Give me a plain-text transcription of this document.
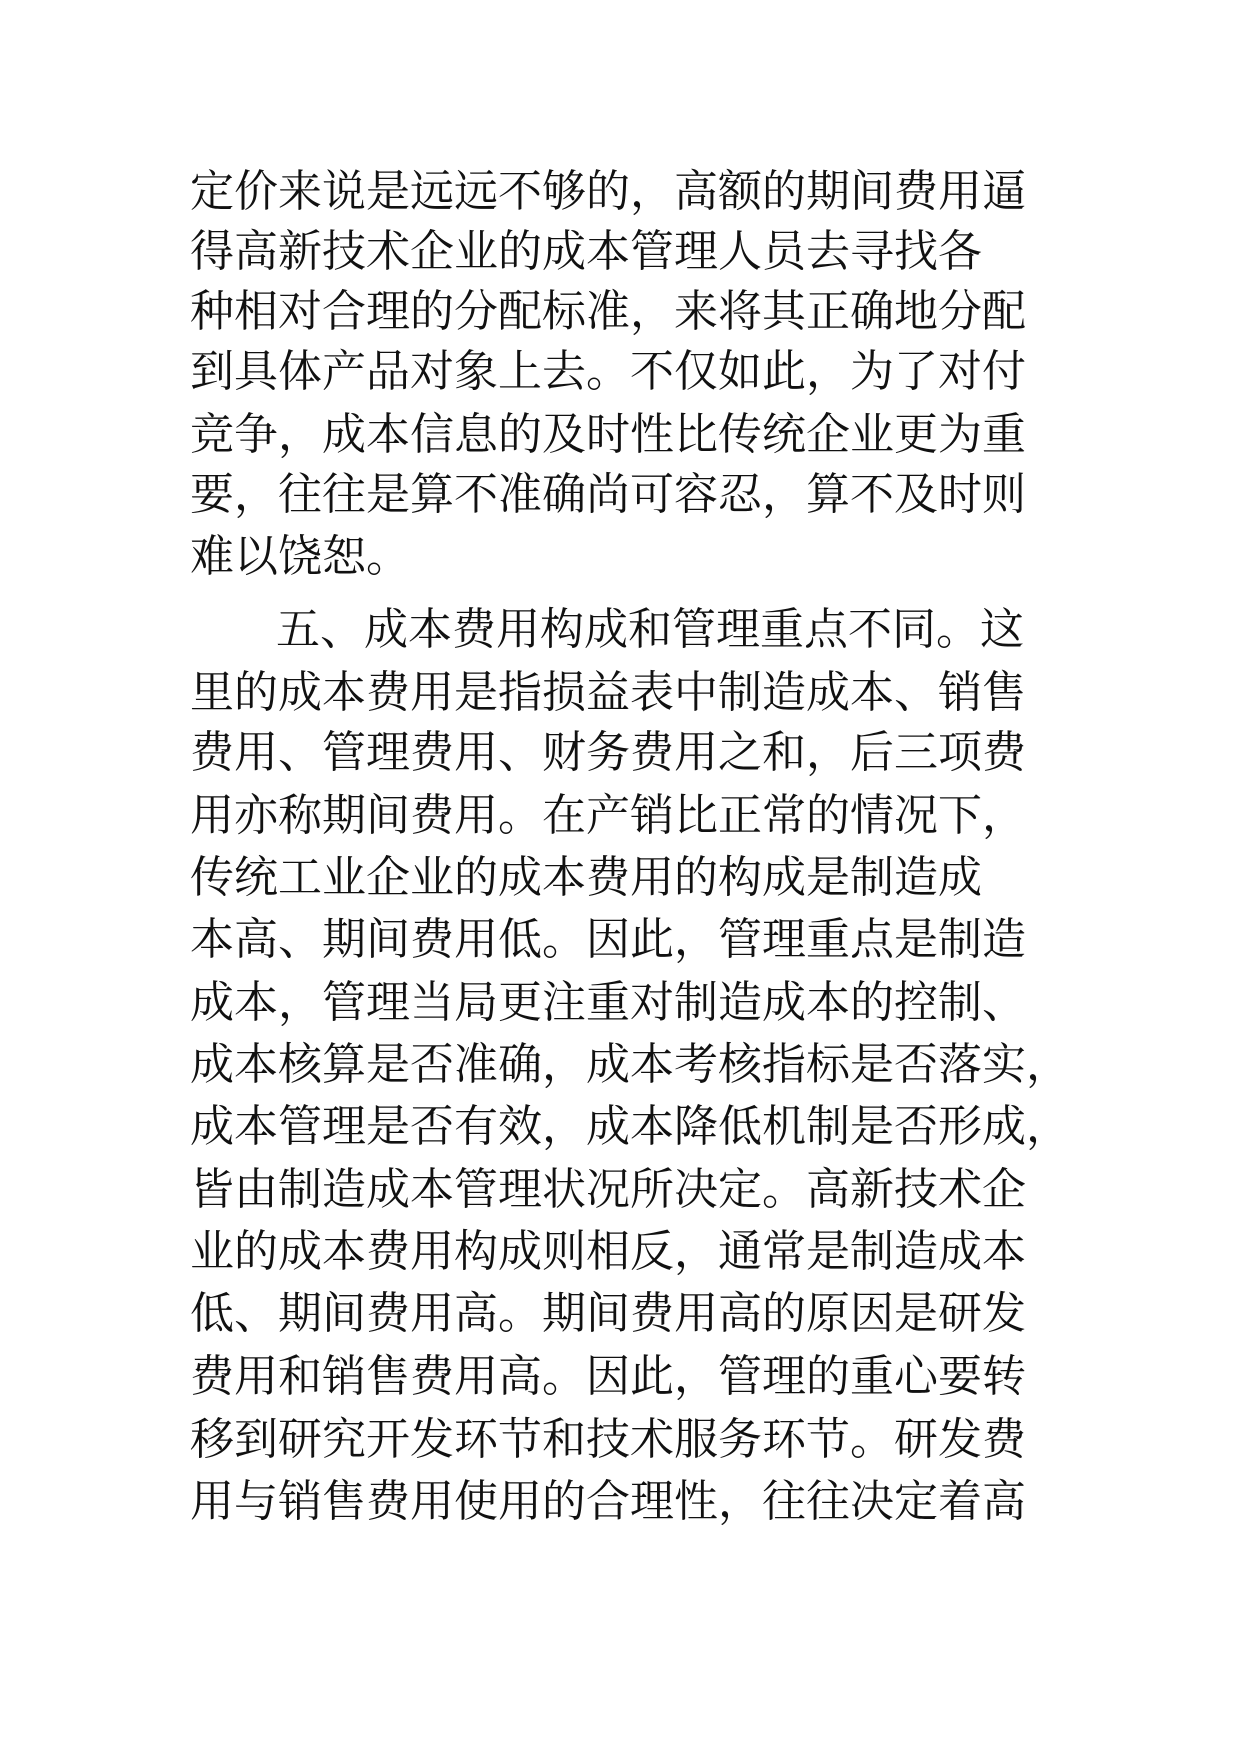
定价来说是远远不够的，高额的期间费用逼
得高新技术企业的成本管理人员去寻找各
种相对合理的分配标准，来将其正确地分配
到具体产品对象上去。不仅如此，为了对付
竞争，成本信息的及时性比传统企业更为重
要，往往是算不准确尚可容忍，算不及时则
难以饶恕。
五、成本费用构成和管理重点不同。这
里的成本费用是指损益表中制造成本、销售
费用、管理费用、财务费用之和，后三项费
用亦称期间费用。在产销比正常的情况下，
传统工业企业的成本费用的构成是制造成
本高、期间费用低。因此，管理重点是制造
成本，管理当局更注重对制造成本的控制、
成本核算是否准确，成本考核指标是否落实，
成本管理是否有效，成本降低机制是否形成，
皆由制造成本管理状况所决定。高新技术企
业的成本费用构成则相反，通常是制造成本
低、期间费用高。期间费用高的原因是研发
费用和销售费用高。因此，管理的重心要转
移到研究开发环节和技术服务环节。研发费
用与销售费用使用的合理性，往往决定着高
